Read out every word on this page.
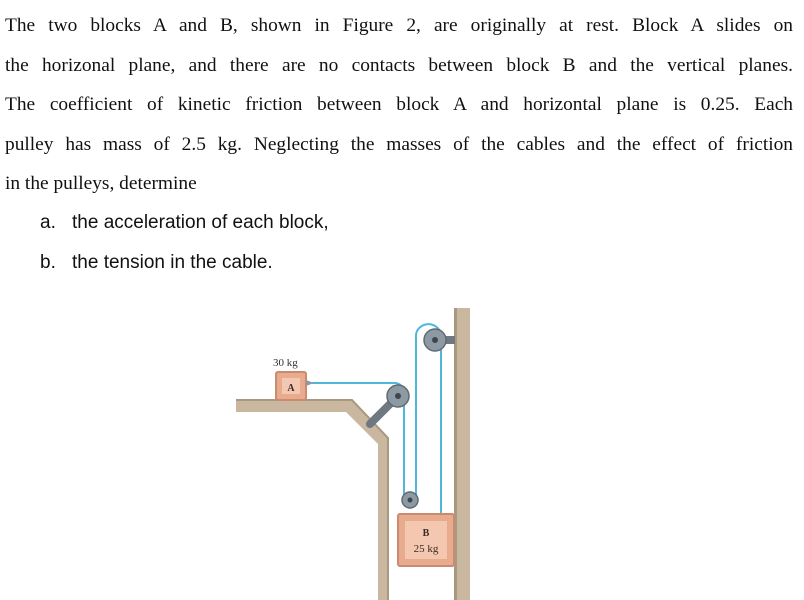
The two blocks A and B, shown in Figure 2, are originally at rest. Block A slides on
the horizonal plane, and there are no contacts between block B and the vertical planes.
The coefficient of kinetic friction between block A and horizontal plane is 0.25. Each
pulley has mass of 2.5 kg. Neglecting the masses of the cables and the effect of friction
in the pulleys, determine
a. the acceleration of each block,
b. the tension in the cable.
A
30 kg
B
25 kg
